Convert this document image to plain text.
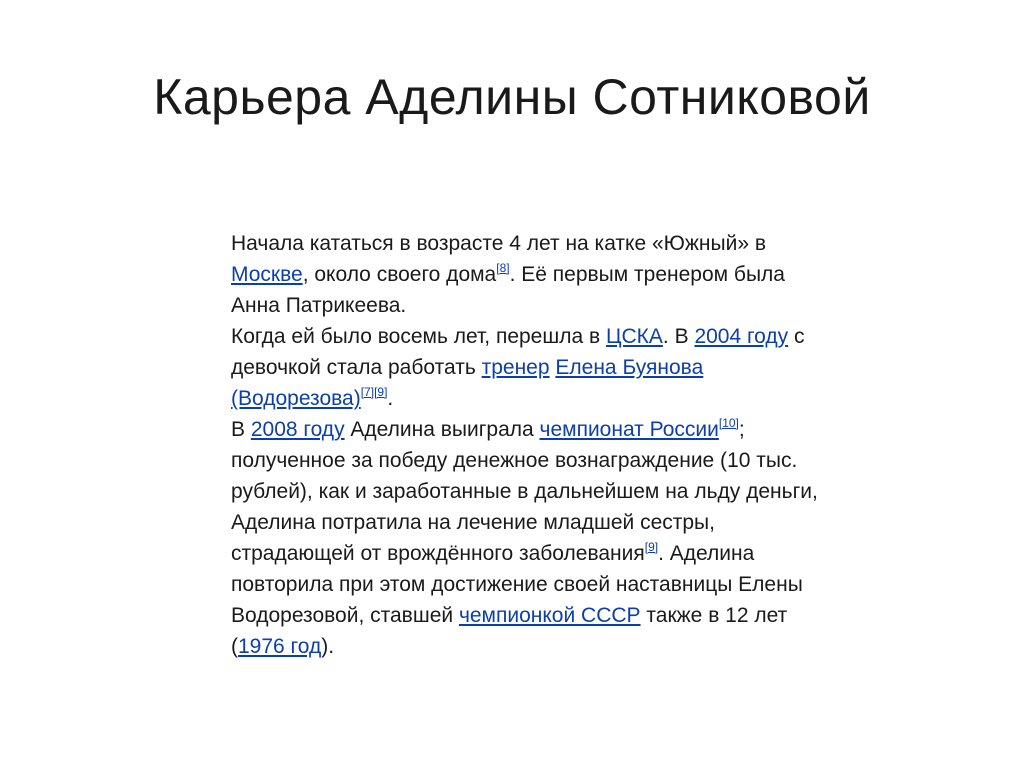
Карьера Аделины Сотниковой

Начала кататься в возрасте 4 лет на катке «Южный» в Москве, около своего дома[8]. Её первым тренером была Анна Патрикеева.

Когда ей было восемь лет, перешла в ЦСКА. В 2004 году с девочкой стала работать тренер Елена Буянова (Водорезова)[7][9].

В 2008 году Аделина выиграла чемпионат России[10]; полученное за победу денежное вознаграждение (10 тыс. рублей), как и заработанные в дальнейшем на льду деньги, Аделина потратила на лечение младшей сестры, страдающей от врождённого заболевания[9]. Аделина повторила при этом достижение своей наставницы Елены Водорезовой, ставшей чемпионкой СССР также в 12 лет (1976 год).
